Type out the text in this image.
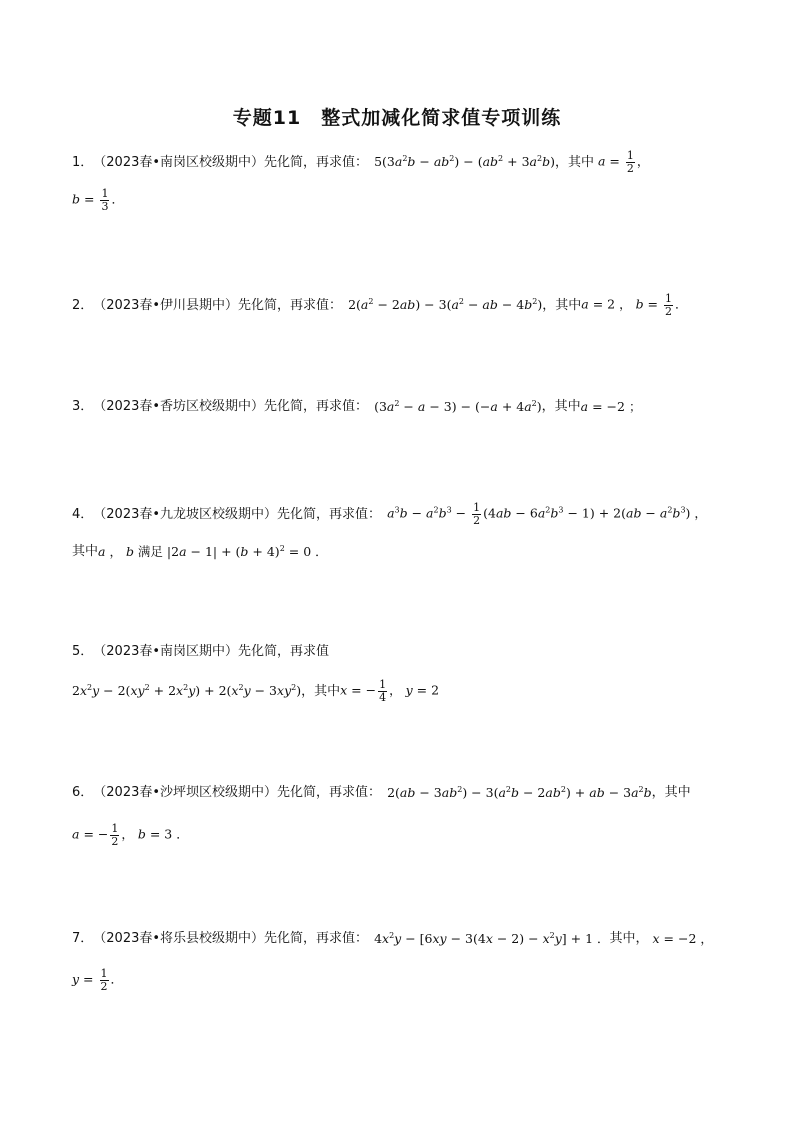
专题11　整式加减化简求值专项训练
1． （2023春•南岗区校级期中） 先化简，再求值： $5(3a^2b - ab^2) - (ab^2 + 3a^2b)$ ，其中 $a = \frac{1}{2}$ ，
$b = \frac{1}{3}$ ．
2． （2023春•伊川县期中） 先化简，再求值： $2(a^2 - 2ab) - 3(a^2$ − ab − $4b^2$) ，其中 a = 2 ， $b = \frac{1}{2}$ ．
3． （2023春•香坊区校级期中） 先化简，再求值： $(3a^2 - a - 3) - (-a + 4a^2)$ ，其中 a = −2 ；
4． （2023春•九龙坡区校级期中） 先化简，再求值： $a^3b - a^2b^3 - \frac{1}{2} (4ab - 6a^2b^3 - 1) + 2(ab - a^2b^3)$ ，
其中 a ， b 满足 $|2a - 1| + (b + 4)^2 = 0$ ．
5． （2023春•南岗区期中） 先化简，再求值
$2x^2y - 2(xy^2 + 2x^2y) + 2(x^2y - 3xy^2)$ ，其中 x = − $\frac{1}{4}$ ， y = 2
6． （2023春•沙坪坝区校级期中） 先化简，再求值： $2(ab - 3ab^2) - 3(a^2b - 2ab^2)$ + ab − $3a^2b$ ，其中
a = − $\frac{1}{2}$ ， b = 3 ．
7． （2023春•将乐县校级期中） 先化简，再求值： $4x^2y - [6xy - 3(4x - 2) - x^2y] + 1$ ． 其中， x = −2 ，
$y = \frac{1}{2}$ ．
